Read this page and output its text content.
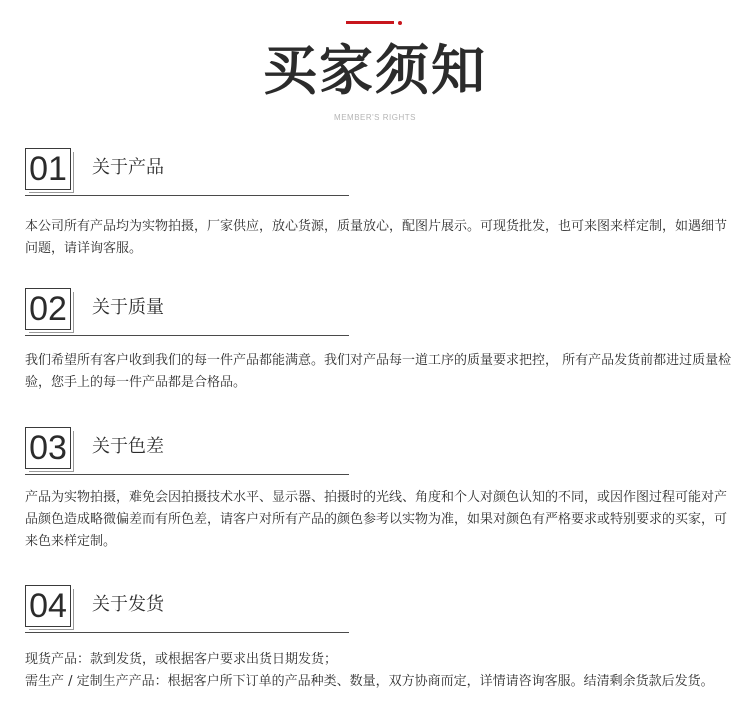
买家须知
MEMBER'S RIGHTS
01 关于产品

本公司所有产品均为实物拍摄，厂家供应，放心货源，质量放心，配图片展示。可现货批发，也可来图来样定制，如遇细节问题，请详询客服。

02 关于质量

我们希望所有客户收到我们的每一件产品都能满意。我们对产品每一道工序的质量要求把控， 所有产品发货前都进过质量检验，您手上的每一件产品都是合格品。

03 关于色差

产品为实物拍摄，难免会因拍摄技术水平、显示器、拍摄时的光线、角度和个人对颜色认知的不同，或因作图过程可能对产品颜色造成略微偏差而有所色差，请客户对所有产品的颜色参考以实物为准，如果对颜色有严格要求或特别要求的买家，可来色来样定制。

04 关于发货

现货产品：款到发货，或根据客户要求出货日期发货；

需生产 / 定制生产产品：根据客户所下订单的产品种类、数量，双方协商而定，详情请咨询客服。结清剩余货款后发货。
